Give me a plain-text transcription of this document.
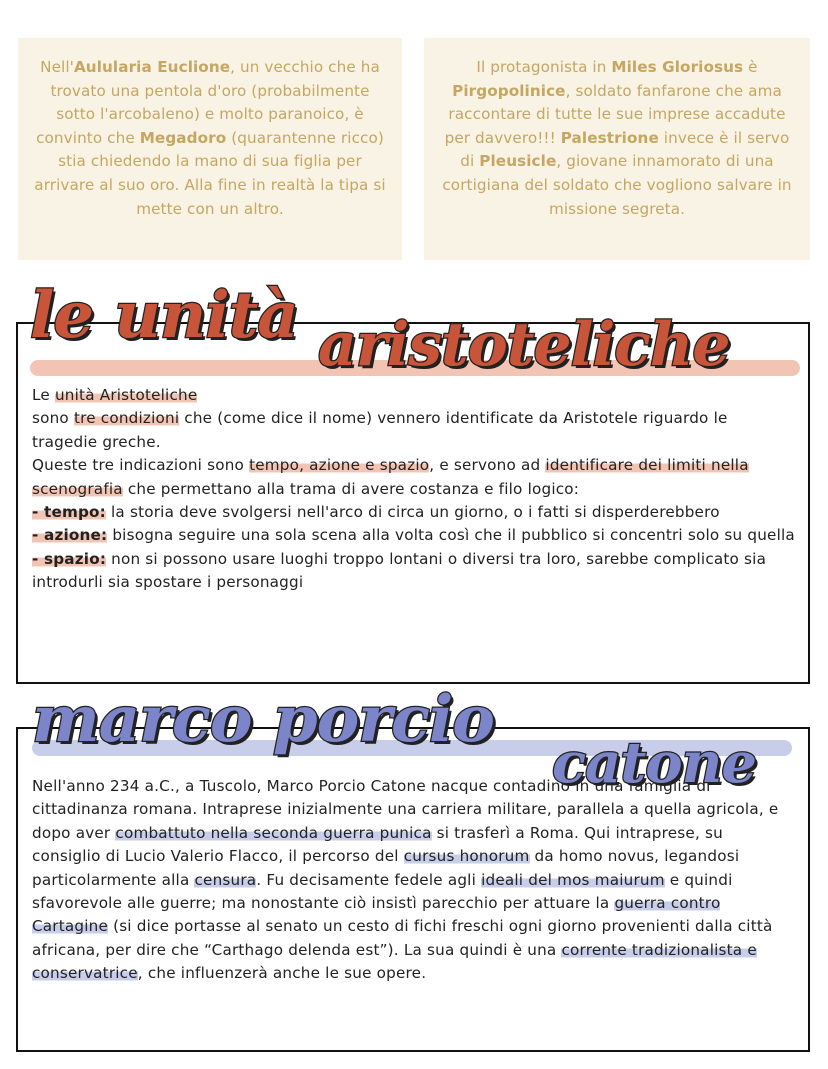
Nell'Aulularia Euclione, un vecchio che ha trovato una pentola d'oro (probabilmente sotto l'arcobaleno) e molto paranoico, è convinto che Megadoro (quarantenne ricco) stia chiedendo la mano di sua figlia per arrivare al suo oro. Alla fine in realtà la tipa si mette con un altro.
Il protagonista in Miles Gloriosus è Pirgopolinice, soldato fanfarone che ama raccontare di tutte le sue imprese accadute per davvero!!! Palestrione invece è il servo di Pleusicle, giovane innamorato di una cortigiana del soldato che vogliono salvare in missione segreta.
Le unità Aristoteliche
sono tre condizioni che (come dice il nome) vennero identificate da Aristotele riguardo le tragedie greche.
Queste tre indicazioni sono tempo, azione e spazio, e servono ad identificare dei limiti nella scenografia che permettano alla trama di avere costanza e filo logico:
- tempo: la storia deve svolgersi nell'arco di circa un giorno, o i fatti si disperderebbero
- azione: bisogna seguire una sola scena alla volta così che il pubblico si concentri solo su quella
- spazio: non si possono usare luoghi troppo lontani o diversi tra loro, sarebbe complicato sia introdurli sia spostare i personaggi
le unità aristoteliche
Nell'anno 234 a.C., a Tuscolo, Marco Porcio Catone nacque contadino in una famiglia di cittadinanza romana. Intraprese inizialmente una carriera militare, parallela a quella agricola, e dopo aver combattuto nella seconda guerra punica si trasferì a Roma. Qui intraprese, su consiglio di Lucio Valerio Flacco, il percorso del cursus honorum da homo novus, legandosi particolarmente alla censura. Fu decisamente fedele agli ideali del mos maiurum e quindi sfavorevole alle guerre; ma nonostante ciò insistì parecchio per attuare la guerra contro Cartagine (si dice portasse al senato un cesto di fichi freschi ogni giorno provenienti dalla città africana, per dire che “Carthago delenda est”). La sua quindi è una corrente tradizionalista e conservatrice, che influenzerà anche le sue opere.
marco porcio
catone
